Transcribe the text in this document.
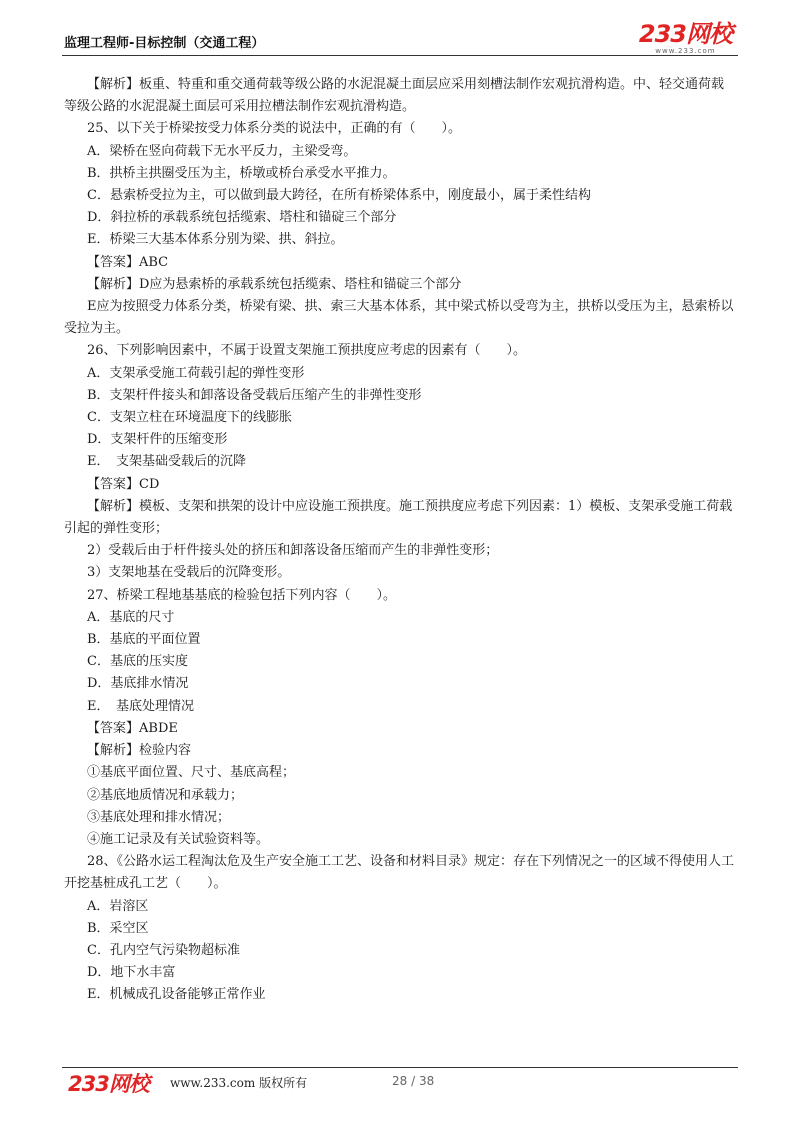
监理工程师-目标控制（交通工程）	233网校
www.233.com
【解析】板重、特重和重交通荷载等级公路的水泥混凝土面层应采用刻槽法制作宏观抗滑构造。中、轻交通荷载等级公路的水泥混凝土面层可采用拉槽法制作宏观抗滑构造。
25、以下关于桥梁按受力体系分类的说法中，正确的有（　　）。
A．梁桥在竖向荷载下无水平反力，主梁受弯。
B．拱桥主拱圈受压为主，桥墩或桥台承受水平推力。
C．悬索桥受拉为主，可以做到最大跨径，在所有桥梁体系中，刚度最小，属于柔性结构
D．斜拉桥的承载系统包括缆索、塔柱和锚碇三个部分
E．桥梁三大基本体系分别为梁、拱、斜拉。
【答案】ABC
【解析】D应为悬索桥的承载系统包括缆索、塔柱和锚碇三个部分
E应为按照受力体系分类，桥梁有梁、拱、索三大基本体系，其中梁式桥以受弯为主，拱桥以受压为主，悬索桥以受拉为主。
26、下列影响因素中，不属于设置支架施工预拱度应考虑的因素有（　　）。
A．支架承受施工荷载引起的弹性变形
B．支架杆件接头和卸落设备受载后压缩产生的非弹性变形
C．支架立柱在环境温度下的线膨胀
D．支架杆件的压缩变形
E．　支架基础受载后的沉降
【答案】CD
【解析】模板、支架和拱架的设计中应设施工预拱度。施工预拱度应考虑下列因素：1）模板、支架承受施工荷载引起的弹性变形；
2）受载后由于杆件接头处的挤压和卸落设备压缩而产生的非弹性变形；
3）支架地基在受载后的沉降变形。
27、桥梁工程地基基底的检验包括下列内容（　　）。
A．基底的尺寸
B．基底的平面位置
C．基底的压实度
D．基底排水情况
E．　基底处理情况
【答案】ABDE
【解析】检验内容
①基底平面位置、尺寸、基底高程；
②基底地质情况和承载力；
③基底处理和排水情况；
④施工记录及有关试验资料等。
28、《公路水运工程淘汰危及生产安全施工工艺、设备和材料目录》规定：存在下列情况之一的区域不得使用人工开挖基桩成孔工艺（　　）。
A．岩溶区
B．采空区
C．孔内空气污染物超标准
D．地下水丰富
E．机械成孔设备能够正常作业
233网校 www.233.com 版权所有	28 / 38
